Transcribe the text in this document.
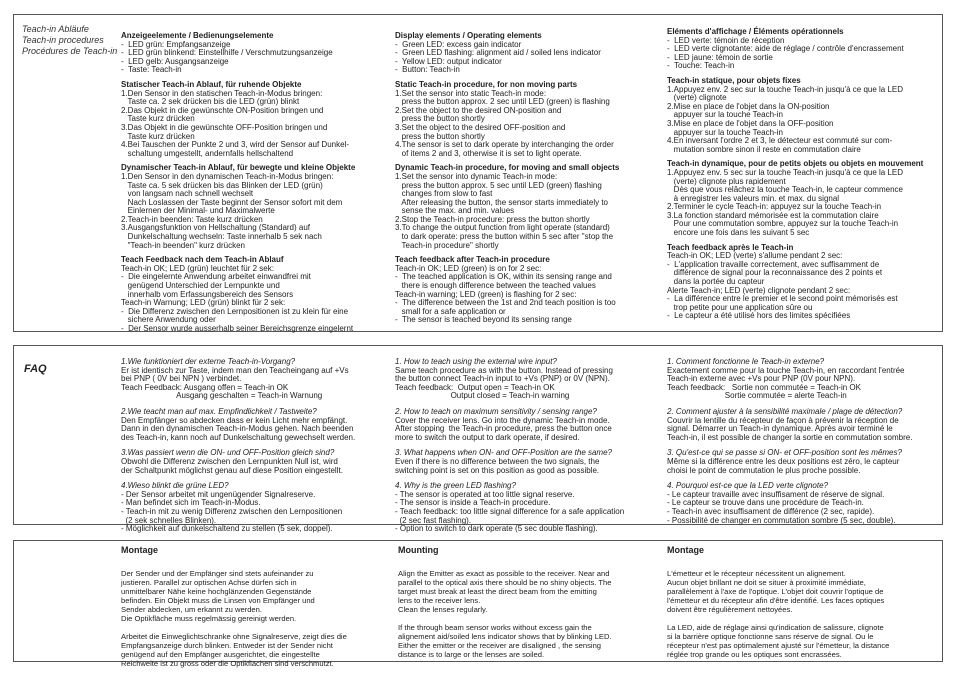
Teach-in Abläufe
Teach-in procedures
Procédures de Teach-in
Anzeigeelemente / Bedienungselemente
-  LED grün: Empfangsanzeige
-  LED grün blinkend: Einstellhilfe / Verschmutzungsanzeige
-  LED gelb: Ausgangsanzeige
-  Taste: Teach-in
Statischer Teach-in Ablauf, für ruhende Objekte
1.Den Sensor in den statischen Teach-in-Modus bringen:
Taste ca. 2 sek drücken bis die LED (grün) blinkt
2.Das Objekt in die gewünschte ON-Position bringen und
Taste kurz drücken
3.Das Objekt in die gewünschte OFF-Position bringen und
Taste kurz drücken
4.Bei Tauschen der Punkte 2 und 3, wird der Sensor auf Dunkel-
schaltung umgestellt, andernfalls hellschaltend
Dynamischer Teach-in Ablauf, für bewegte und kleine Objekte
1.Den Sensor in den dynamischen Teach-in-Modus bringen:
Taste ca. 5 sek drücken bis das Blinken der LED (grün)
von langsam nach schnell wechselt
Nach Loslassen der Taste beginnt der Sensor sofort mit dem
Einlernen der Minimal- und Maximalwerte
2.Teach-in beenden: Taste kurz drücken
3.Ausgangsfunktion von Hellschaltung (Standard) auf
Dunkelschaltung wechseln: Taste innerhalb 5 sek nach
"Teach-in beenden" kurz drücken
Teach Feedback nach dem Teach-in Ablauf
Teach-in OK; LED (grün) leuchtet für 2 sek:
-  Die eingelernte Anwendung arbeitet einwandfrei mit
genügend Unterschied der Lernpunkte und
innerhalb vom Erfassungsbereich des Sensors
Teach-in Warnung; LED (grün) blinkt für 2 sek:
-  Die Differenz zwischen den Lernpositionen ist zu klein für eine
sichere Anwendung oder
-  Der Sensor wurde ausserhalb seiner Bereichsgrenze eingelernt
Display elements / Operating elements
-  Green LED: excess gain indicator
-  Green LED flashing: alignment aid / soiled lens indicator
-  Yellow LED: output indicator
-  Button: Teach-in
Static Teach-in procedure, for non moving parts
1.Set the sensor into static Teach-in mode:
press the button approx. 2 sec until LED (green) is flashing
2.Set the object to the desired ON-position and
press the button shortly
3.Set the object to the desired OFF-position and
press the button shortly
4.The sensor is set to dark operate by interchanging the order
of items 2 and 3, otherwise it is set to light operate.
Dynamic Teach-in procedure, for moving and small objects
1.Set the sensor into dynamic Teach-in mode:
press the button approx. 5 sec until LED (green) flashing
changes from slow to fast
After releasing the button, the sensor starts immediately to
sense the max. and min. values
2.Stop the Teach-in procedure: press the button shortly
3.To change the output function from light operate (standard)
to dark operate: press the button within 5 sec after "stop the
Teach-in procedure" shortly
Teach feedback after Teach-in procedure
Teach-in OK; LED (green) is on for 2 sec:
-  The teached application is OK, within its sensing range and
there is enough difference between the teached values
Teach-in warning; LED (green) is flashing for 2 sec:
-  The difference between the 1st and 2nd teach position is too
small for a safe application or
-  The sensor is teached beyond its sensing range
Eléments d'affichage / Éléments opérationnels
-  LED verte: témoin de réception
-  LED verte clignotante: aide de réglage / contrôle d'encrassement
-  LED jaune: témoin de sortie
-  Touche: Teach-in
Teach-in statique, pour objets fixes
1.Appuyez env. 2 sec sur la touche Teach-in jusqu'à ce que la LED
(verte) clignote
2.Mise en place de l'objet dans la ON-position
appuyer sur la touche Teach-in
3.Mise en place de l'objet dans la OFF-position
appuyer sur la touche Teach-in
4.En inversant l'ordre 2 et 3, le détecteur est commuté sur com-
mutation sombre sinon il reste en commutation claire
Teach-in dynamique, pour de petits objets ou objets en mouvement
1.Appuyez env. 5 sec sur la touche Teach-in jusqu'à ce que la LED
(verte) clignote plus rapidement
Dès que vous relâchez la touche Teach-in, le capteur commence
à enregistrer les valeurs min. et max. du signal
2.Terminer le cycle Teach-in: appuyez sur la touche Teach-in
3.La fonction standard mémorisée est la commutation claire
Pour une commutation sombre, appuyez sur la touche Teach-in
encore une fois dans les suivant 5 sec
Teach feedback après le Teach-in
Teach-in OK; LED (verte) s'allume pendant 2 sec:
-  L'application travaille correctement, avec suffisamment de
différence de signal pour la reconnaissance des 2 points et
dans la portée du capteur
Alerte Teach-in; LED (verte) clignote pendant 2 sec:
-  La différence entre le premier et le second point mémorisés est
trop petite pour une application sûre ou
-  Le capteur a été utilisé hors des limites spécifiées
FAQ
1.Wie funktioniert der externe Teach-in-Vorgang?
Er ist identisch zur Taste, indem man den Teacheingang auf +Vs
bei PNP ( 0V bei NPN ) verbindet.
Teach Feedback: Ausgang offen = Teach-in OK
Ausgang geschalten = Teach-in Warnung
2.Wie teacht man auf max. Empfindlichkeit / Tastweite?
Den Empfänger so abdecken dass er kein Licht mehr empfängt.
Dann in den dynamischen Teach-in-Modus gehen. Nach beenden
des Teach-in, kann noch auf Dunkelschaltung gewechselt werden.
3.Was passiert wenn die ON- und OFF-Position gleich sind?
Obwohl die Differenz zwischen den Lernpunkten Null ist, wird
der Schaltpunkt möglichst genau auf diese Position eingestellt.
4.Wieso blinkt die grüne LED?
- Der Sensor arbeitet mit ungenügender Signalreserve.
- Man befindet sich im Teach-in-Modus.
- Teach-in mit zu wenig Differenz zwischen den Lernpositionen
(2 sek schnelles Blinken).
- Möglichkeit auf dunkelschaltend zu stellen (5 sek, doppel).
1. How to teach using the external wire input?
Same teach procedure as with the button. Instead of pressing
the button connect Teach-in input to +Vs (PNP) or 0V (NPN).
Teach feedback:  Output open = Teach-in OK
Output closed = Teach-in warning
2. How to teach on maximum sensitivity / sensing range?
Cover the receiver lens. Go into the dynamic Teach-in mode.
After stopping  the Teach-in procedure, press the button once
more to switch the output to dark operate, if desired.
3. What happens when ON- and OFF-Position are the same?
Even if there is no difference between the two signals, the
switching point is set on this position as good as possible.
4. Why is the green LED flashing?
- The sensor is operated at too little signal reserve.
- The sensor is inside a Teach-in procedure.
- Teach feedback: too little signal difference for a safe application
(2 sec fast flashing).
- Option to switch to dark operate (5 sec double flashing).
1. Comment fonctionne le Teach-in externe?
Exactement comme pour la touche Teach-in, en raccordant l'entrée
Teach-in externe avec +Vs pour PNP (0V pour NPN).
Teach feedback:   Sortie non commutée = Teach-in OK
Sortie commutée = alerte Teach-in
2. Comment ajuster à la sensibilité maximale / plage de détection?
Couvrir la lentille du récepteur de façon à prévenir la réception de
signal. Démarrer un Teach-in dynamique. Après avoir terminé le
Teach-in, il est possible de changer la sortie en commutation sombre.
3. Qu'est-ce qui se passe si ON- et OFF-position sont les mêmes?
Même si la différence entre les deux positions est zéro, le capteur
choisi le point de commutation le plus proche possible.
4. Pourquoi est-ce que la LED verte clignote?
- Le capteur travaille avec insuffisament de réserve de signal.
- Le capteur se trouve dans une procédure de Teach-in.
- Teach-in avec insuffisament de différence (2 sec, rapide).
- Possibilité de changer en commutation sombre (5 sec, double).
Montage
Der Sender und der Empfänger sind stets aufeinander zu
justieren. Parallel zur optischen Achse dürfen sich in
unmittelbarer Nähe keine hochglänzenden Gegenstände
befinden. Ein Objekt muss die Linsen von Empfänger und
Sender abdecken, um erkannt zu werden.
Die Optikfläche muss regelmässig gereinigt werden.
Arbeitet die Einweglichtschranke ohne Signalreserve, zeigt dies die
Empfangsanzeige durch blinken. Entweder ist der Sender nicht
genügend auf den Empfänger ausgerichtet, die eingestellte
Reichweite ist zu gross oder die Optikflächen sind verschmutzt.
Mounting
Align the Emitter as exact as possible to the receiver. Near and
parallel to the optical axis there should be no shiny objects. The
target must break at least the direct beam from the emitting
lens to the receiver lens.
Clean the lenses regularly.
If the through beam sensor works without excess gain the
alignement aid/soiled lens indicator shows that by blinking LED.
Either the emitter or the receiver are disaligned , the sensing
distance is to large or the lenses are soiled.
Montage
L'émetteur et le récepteur nécessitent un alignement.
Aucun objet brillant ne doit se situer à proximité immédiate,
parallèlement à l'axe de l'optique. L'objet doit couvrir l'optique de
l'émetteur et du récepteur afin d'être identifié. Les faces optiques
doivent être régulièrement nettoyées.
La LED, aide de réglage ainsi qu'indication de salissure, clignote
si la barrière optique fonctionne sans réserve de signal. Ou le
récepteur n'est pas optimalement ajusté sur l'émetteur, la distance
réglée trop grande ou les optiques sont encrassées.
